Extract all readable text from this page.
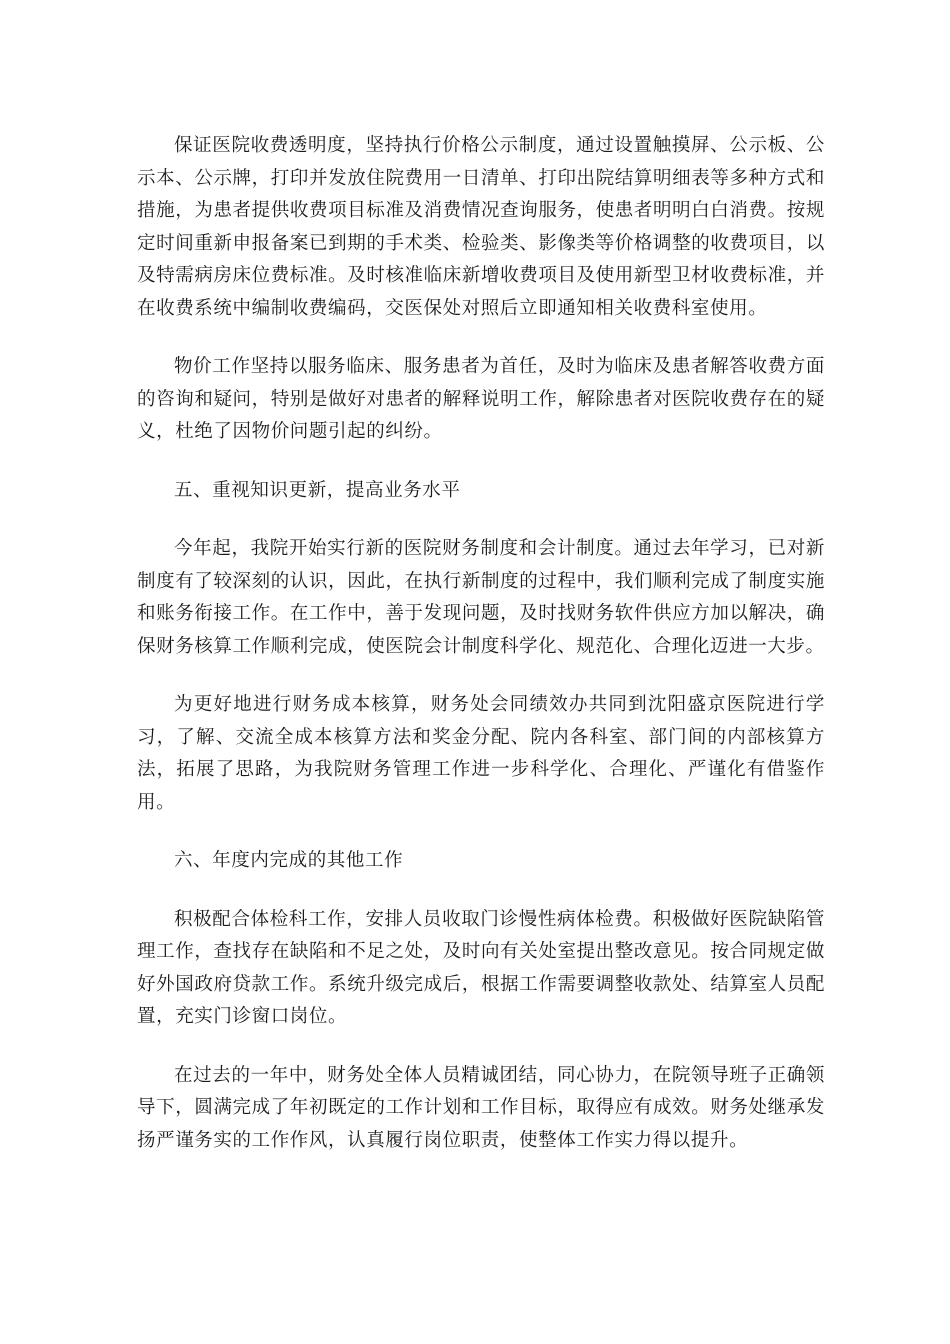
保证医院收费透明度，坚持执行价格公示制度，通过设置触摸屏、公示板、公示本、公示牌，打印并发放住院费用一日清单、打印出院结算明细表等多种方式和措施，为患者提供收费项目标准及消费情况查询服务，使患者明明白白消费。按规定时间重新申报备案已到期的手术类、检验类、影像类等价格调整的收费项目，以及特需病房床位费标准。及时核准临床新增收费项目及使用新型卫材收费标准，并在收费系统中编制收费编码，交医保处对照后立即通知相关收费科室使用。

物价工作坚持以服务临床、服务患者为首任，及时为临床及患者解答收费方面的咨询和疑问，特别是做好对患者的解释说明工作，解除患者对医院收费存在的疑义，杜绝了因物价问题引起的纠纷。

五、重视知识更新，提高业务水平

今年起，我院开始实行新的医院财务制度和会计制度。通过去年学习，已对新制度有了较深刻的认识，因此，在执行新制度的过程中，我们顺利完成了制度实施和账务衔接工作。在工作中，善于发现问题，及时找财务软件供应方加以解决，确保财务核算工作顺利完成，使医院会计制度科学化、规范化、合理化迈进一大步。

为更好地进行财务成本核算，财务处会同绩效办共同到沈阳盛京医院进行学习，了解、交流全成本核算方法和奖金分配、院内各科室、部门间的内部核算方法，拓展了思路，为我院财务管理工作进一步科学化、合理化、严谨化有借鉴作用。

六、年度内完成的其他工作

积极配合体检科工作，安排人员收取门诊慢性病体检费。积极做好医院缺陷管理工作，查找存在缺陷和不足之处，及时向有关处室提出整改意见。按合同规定做好外国政府贷款工作。系统升级完成后，根据工作需要调整收款处、结算室人员配置，充实门诊窗口岗位。

在过去的一年中，财务处全体人员精诚团结，同心协力，在院领导班子正确领导下，圆满完成了年初既定的工作计划和工作目标，取得应有成效。财务处继承发扬严谨务实的工作作风，认真履行岗位职责，使整体工作实力得以提升。
